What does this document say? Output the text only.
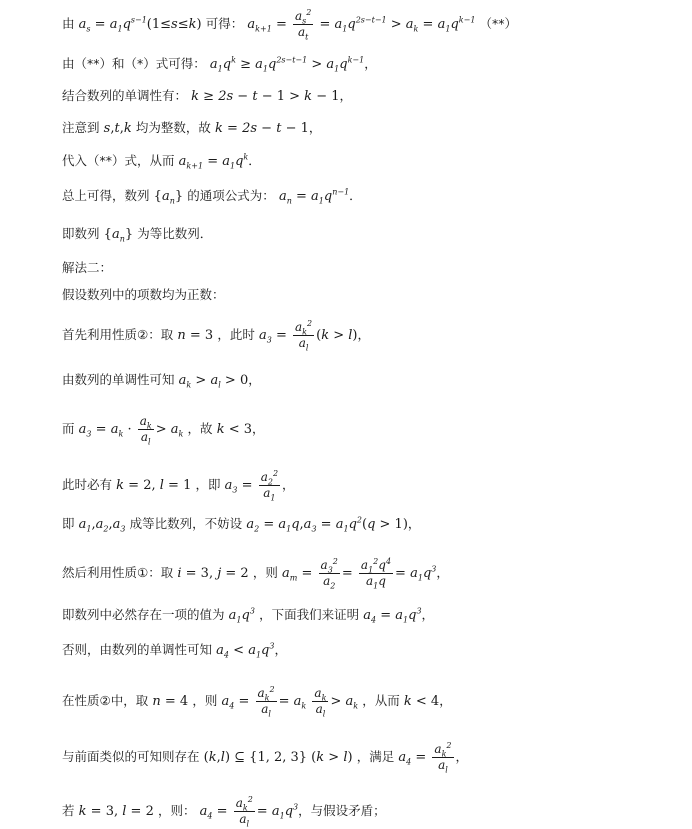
由 $a_s = a_1q^{s-1}(1\le s\le k)$ 可得： $a_{k+1} = \frac{a_s^2}{a_t} = a_1q^{2s-t-1} > a_k = a_1q^{k-1}$ （**）
由（**）和（*）式可得： $a_1q^k \ge a_1q^{2s-t-1} > a_1q^{k-1}$，
结合数列的单调性有： k ≥ 2s − t − 1 > k − 1，
注意到 s,t,k 均为整数，故 k = 2s − t − 1，
代入（**）式，从而 $a_{k+1} = a_1q^k$．
总上可得，数列 $\{a_n\}$ 的通项公式为： $a_n = a_1q^{n-1}$．
即数列 $\{a_n\}$ 为等比数列．
解法二：
假设数列中的项数均为正数：
首先利用性质②：取 n = 3 ，此时 $a_3 = \frac{a_k^2}{a_l} (k > l)$，
由数列的单调性可知 $a_k > a_l > 0$，
而 $a_3 = a_k \cdot \frac{a_k}{a_l} > a_k$ ，故 k < 3，
此时必有 k = 2, l = 1 ，即 $a_3 = \frac{a_2^2}{a_1}$ ，
即 $a_1,a_2,a_3$ 成等比数列，不妨设 $a_2 = a_1q,a_3 = a_1q^2(q > 1)$，
然后利用性质①：取 i = 3, j = 2 ，则 $a_m = \frac{a_3^2}{a_2} = \frac{a_1^2q^4}{a_1q} = a_1q^3$，
即数列中必然存在一项的值为 $a_1q^3$ ，下面我们来证明 $a_4 = a_1q^3$，
否则，由数列的单调性可知 $a_4 < a_1q^3$，
在性质②中，取 n = 4 ，则 $a_4 = \frac{a_k^2}{a_l} = a_k \frac{a_k}{a_l} > a_k$ ，从而 k < 4，
与前面类似的可知则存在 (k,l) ⊆ {1, 2, 3} (k > l) ，满足 $a_4 = \frac{a_k^2}{a_l}$ ，
若 k = 3, l = 2 ，则： $a_4 = \frac{a_k^2}{a_l} = a_1q^3$，与假设矛盾；
